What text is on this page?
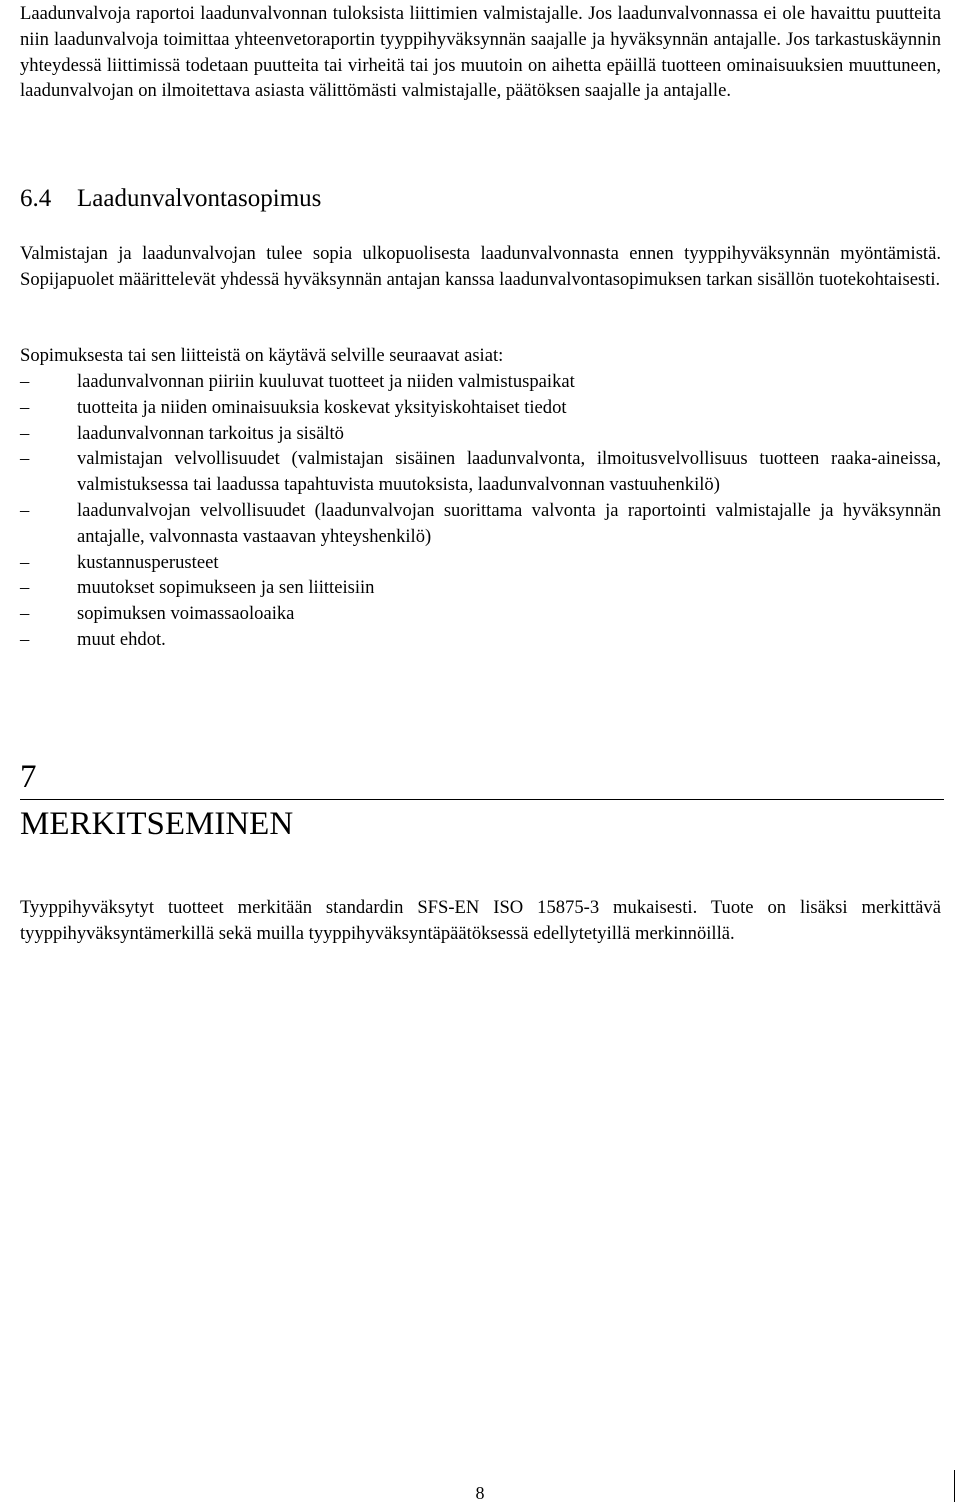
Laadunvalvoja raportoi laadunvalvonnan tuloksista liittimien valmistajalle. Jos laadunvalvonnassa ei ole havaittu puutteita niin laadunvalvoja toimittaa yhteenvetoraportin tyyppihyväksynnän saajalle ja hyväksynnän antajalle. Jos tarkastuskäynnin yhteydessä liittimissä todetaan puutteita tai virheitä tai jos muutoin on aihetta epäillä tuotteen ominaisuuksien muuttuneen, laadunvalvojan on ilmoitettava asiasta välittömästi valmistajalle, päätöksen saajalle ja antajalle.

6.4 Laadunvalvontasopimus

Valmistajan ja laadunvalvojan tulee sopia ulkopuolisesta laadunvalvonnasta ennen tyyppihyväksynnän myöntämistä. Sopijapuolet määrittelevät yhdessä hyväksynnän antajan kanssa laadunvalvontasopimuksen tarkan sisällön tuotekohtaisesti.

Sopimuksesta tai sen liitteistä on käytävä selville seuraavat asiat:

–	laadunvalvonnan piiriin kuuluvat tuotteet ja niiden valmistuspaikat
–	tuotteita ja niiden ominaisuuksia koskevat yksityiskohtaiset tiedot
–	laadunvalvonnan tarkoitus ja sisältö
–	valmistajan velvollisuudet (valmistajan sisäinen laadunvalvonta, ilmoitusvelvollisuus tuotteen raaka-aineissa, valmistuksessa tai laadussa tapahtuvista muutoksista, laadunvalvonnan vastuuhenkilö)
–	laadunvalvojan velvollisuudet (laadunvalvojan suorittama valvonta ja raportointi valmistajalle ja hyväksynnän antajalle, valvonnasta vastaavan yhteyshenkilö)
–	kustannusperusteet
–	muutokset sopimukseen ja sen liitteisiin
–	sopimuksen voimassaoloaika
–	muut ehdot.
7
MERKITSEMINEN

Tyyppihyväksytyt tuotteet merkitään standardin SFS-EN ISO 15875-3 mukaisesti. Tuote on lisäksi merkittävä tyyppihyväksyntämerkillä sekä muilla tyyppihyväksyntäpäätöksessä edellytetyillä merkinnöillä.

8
